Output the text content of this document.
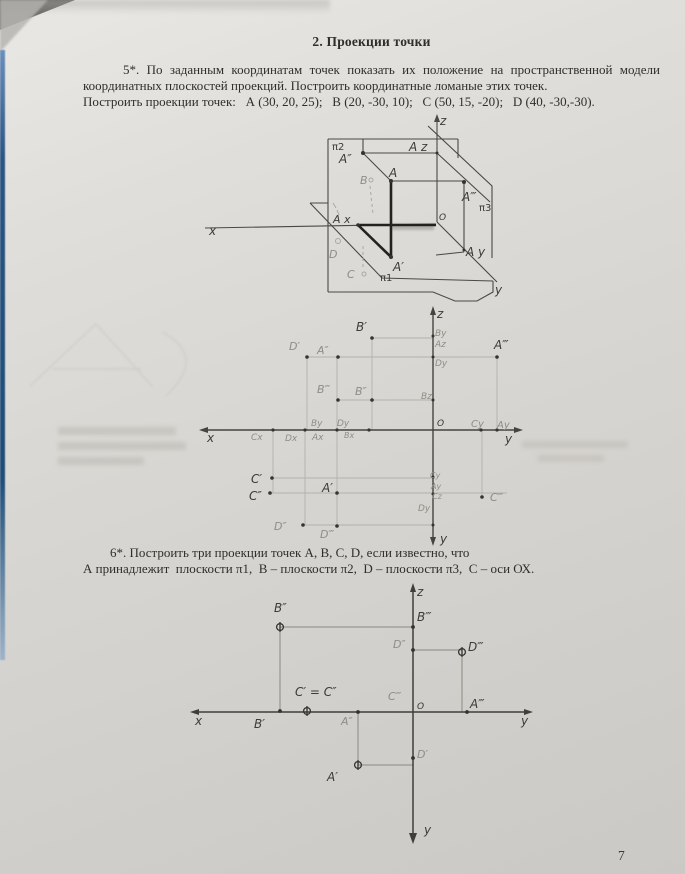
z
π2	A z
A″
A
A‴
π3
x
A x	O
A y
A′
π1
y
B
D
C
z
x	y
y
O
B′
A‴
C′
C″
A′
D′ A″
B‴ B″
By
Az
Dy
Bz
By Dy
Cx Dx Ax	Bx
Cy Ay
Cy
Ay
Cz
Dy
C‴
D″
D‴
z
x	y
y
O
B″
B‴
D″	D‴
C′ = C″	C‴
A″
A‴
B′
A′
D′
2. Проекции точки
5*. По заданным координатам точек показать их положение на пространственной модели координатных плоскостей проекций. Построить координатные ломаные этих точек.
Построить проекции точек:   А (30, 20, 25);   В (20, -30, 10);   С (50, 15, -20);   D (40, -30,-30).
6*. Построить три проекции точек А, В, С, D, если известно, что
А принадлежит  плоскости π1,  В – плоскости π2,  D – плоскости π3,  С – оси ОХ.
7
